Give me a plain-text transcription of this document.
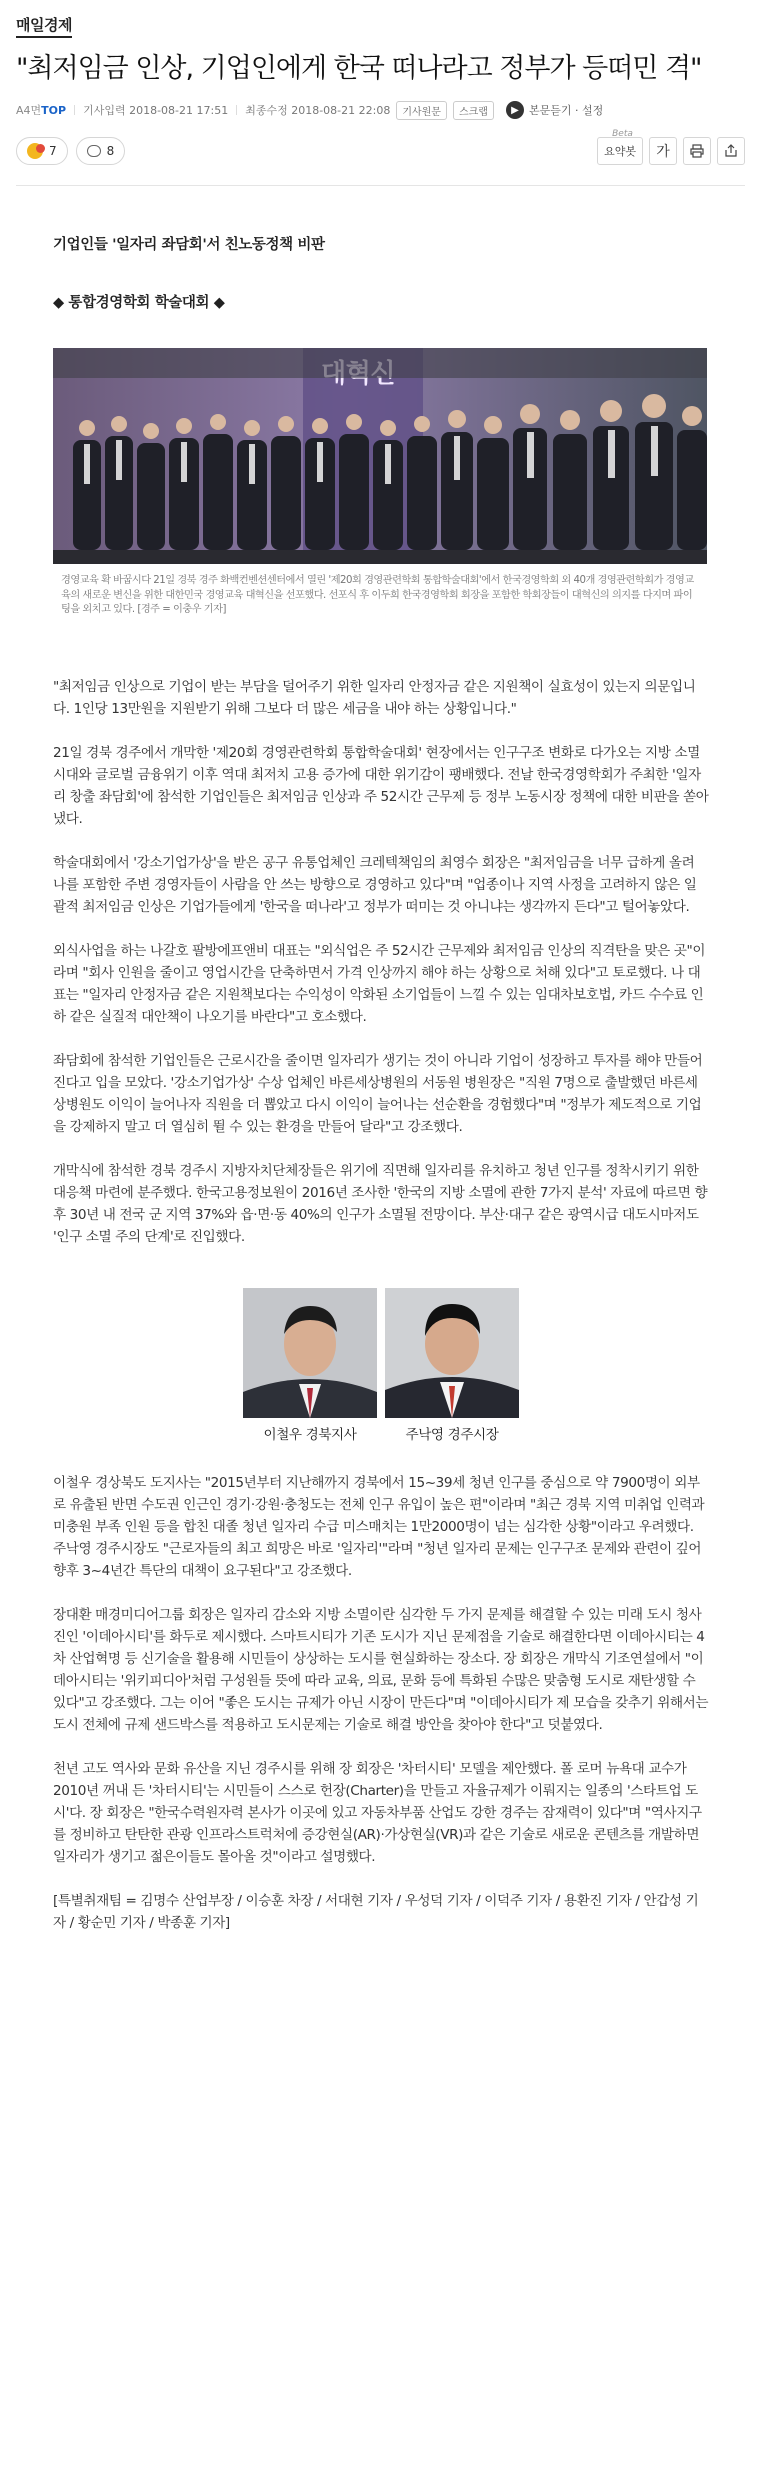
매일경제
"최저임금 인상, 기업인에게 한국 떠나라고 정부가 등떠민 격"
A4면TOP 기사입력 2018-08-21 17:51 최종수정 2018-08-21 22:08	기사원문	스크랩	▶ 본문듣기 · 설정
7	8
Beta
요약봇 가
기업인들 '일자리 좌담회'서 친노동정책 비판
◆ 통합경영학회 학술대회 ◆
경영교육 확 바꿉시다 21일 경북 경주 화백컨벤션센터에서 열린 '제20회 경영관련학회 통합학술대회'에서 한국경영학회 외 40개 경영관련학회가 경영교육의 새로운 변신을 위한 대한민국 경영교육 대혁신을 선포했다. 선포식 후 이두희 한국경영학회 회장을 포함한 학회장들이 대혁신의 의지를 다지며 파이팅을 외치고 있다. [경주 = 이충우 기자]
"최저임금 인상으로 기업이 받는 부담을 덜어주기 위한 일자리 안정자금 같은 지원책이 실효성이 있는지 의문입니다. 1인당 13만원을 지원받기 위해 그보다 더 많은 세금을 내야 하는 상황입니다."
21일 경북 경주에서 개막한 '제20회 경영관련학회 통합학술대회' 현장에서는 인구구조 변화로 다가오는 지방 소멸 시대와 글로벌 금융위기 이후 역대 최저치 고용 증가에 대한 위기감이 팽배했다. 전날 한국경영학회가 주최한 '일자리 창출 좌담회'에 참석한 기업인들은 최저임금 인상과 주 52시간 근무제 등 정부 노동시장 정책에 대한 비판을 쏟아냈다.
학술대회에서 '강소기업가상'을 받은 공구 유통업체인 크레텍책임의 최영수 회장은 "최저임금을 너무 급하게 올려 나를 포함한 주변 경영자들이 사람을 안 쓰는 방향으로 경영하고 있다"며 "업종이나 지역 사정을 고려하지 않은 일괄적 최저임금 인상은 기업가들에게 '한국을 떠나라'고 정부가 떠미는 것 아니냐는 생각까지 든다"고 털어놓았다.
외식사업을 하는 나갈호 팔방에프앤비 대표는 "외식업은 주 52시간 근무제와 최저임금 인상의 직격탄을 맞은 곳"이라며 "회사 인원을 줄이고 영업시간을 단축하면서 가격 인상까지 해야 하는 상황으로 처해 있다"고 토로했다. 나 대표는 "일자리 안정자금 같은 지원책보다는 수익성이 악화된 소기업들이 느낄 수 있는 임대차보호법, 카드 수수료 인하 같은 실질적 대안책이 나오기를 바란다"고 호소했다.
좌담회에 참석한 기업인들은 근로시간을 줄이면 일자리가 생기는 것이 아니라 기업이 성장하고 투자를 해야 만들어진다고 입을 모았다. '강소기업가상' 수상 업체인 바른세상병원의 서동원 병원장은 "직원 7명으로 출발했던 바른세상병원도 이익이 늘어나자 직원을 더 뽑았고 다시 이익이 늘어나는 선순환을 경험했다"며 "정부가 제도적으로 기업을 강제하지 말고 더 열심히 뛸 수 있는 환경을 만들어 달라"고 강조했다.
개막식에 참석한 경북 경주시 지방자치단체장들은 위기에 직면해 일자리를 유치하고 청년 인구를 정착시키기 위한 대응책 마련에 분주했다. 한국고용정보원이 2016년 조사한 '한국의 지방 소멸에 관한 7가지 분석' 자료에 따르면 향후 30년 내 전국 군 지역 37%와 읍·면·동 40%의 인구가 소멸될 전망이다. 부산·대구 같은 광역시급 대도시마저도 '인구 소멸 주의 단계'로 진입했다.
이철우 경북지사	주낙영 경주시장
이철우 경상북도 도지사는 "2015년부터 지난해까지 경북에서 15~39세 청년 인구를 중심으로 약 7900명이 외부로 유출된 반면 수도권 인근인 경기·강원·충청도는 전체 인구 유입이 높은 편"이라며 "최근 경북 지역 미취업 인력과 미충원 부족 인원 등을 합친 대졸 청년 일자리 수급 미스매치는 1만2000명이 넘는 심각한 상황"이라고 우려했다. 주낙영 경주시장도 "근로자들의 최고 희망은 바로 '일자리'"라며 "청년 일자리 문제는 인구구조 문제와 관련이 깊어 향후 3~4년간 특단의 대책이 요구된다"고 강조했다.
장대환 매경미디어그룹 회장은 일자리 감소와 지방 소멸이란 심각한 두 가지 문제를 해결할 수 있는 미래 도시 청사진인 '이데아시티'를 화두로 제시했다. 스마트시티가 기존 도시가 지닌 문제점을 기술로 해결한다면 이데아시티는 4차 산업혁명 등 신기술을 활용해 시민들이 상상하는 도시를 현실화하는 장소다. 장 회장은 개막식 기조연설에서 "이데아시티는 '위키피디아'처럼 구성원들 뜻에 따라 교육, 의료, 문화 등에 특화된 수많은 맞춤형 도시로 재탄생할 수 있다"고 강조했다. 그는 이어 "좋은 도시는 규제가 아닌 시장이 만든다"며 "이데아시티가 제 모습을 갖추기 위해서는 도시 전체에 규제 샌드박스를 적용하고 도시문제는 기술로 해결 방안을 찾아야 한다"고 덧붙였다.
천년 고도 역사와 문화 유산을 지닌 경주시를 위해 장 회장은 '차터시티' 모델을 제안했다. 폴 로머 뉴욕대 교수가 2010년 꺼내 든 '차터시티'는 시민들이 스스로 헌장(Charter)을 만들고 자율규제가 이뤄지는 일종의 '스타트업 도시'다. 장 회장은 "한국수력원자력 본사가 이곳에 있고 자동차부품 산업도 강한 경주는 잠재력이 있다"며 "역사지구를 정비하고 탄탄한 관광 인프라스트럭처에 증강현실(AR)·가상현실(VR)과 같은 기술로 새로운 콘텐츠를 개발하면 일자리가 생기고 젊은이들도 몰아올 것"이라고 설명했다.
[특별취재팀 = 김명수 산업부장 / 이승훈 차장 / 서대현 기자 / 우성덕 기자 / 이덕주 기자 / 용환진 기자 / 안갑성 기자 / 황순민 기자 / 박종훈 기자]
